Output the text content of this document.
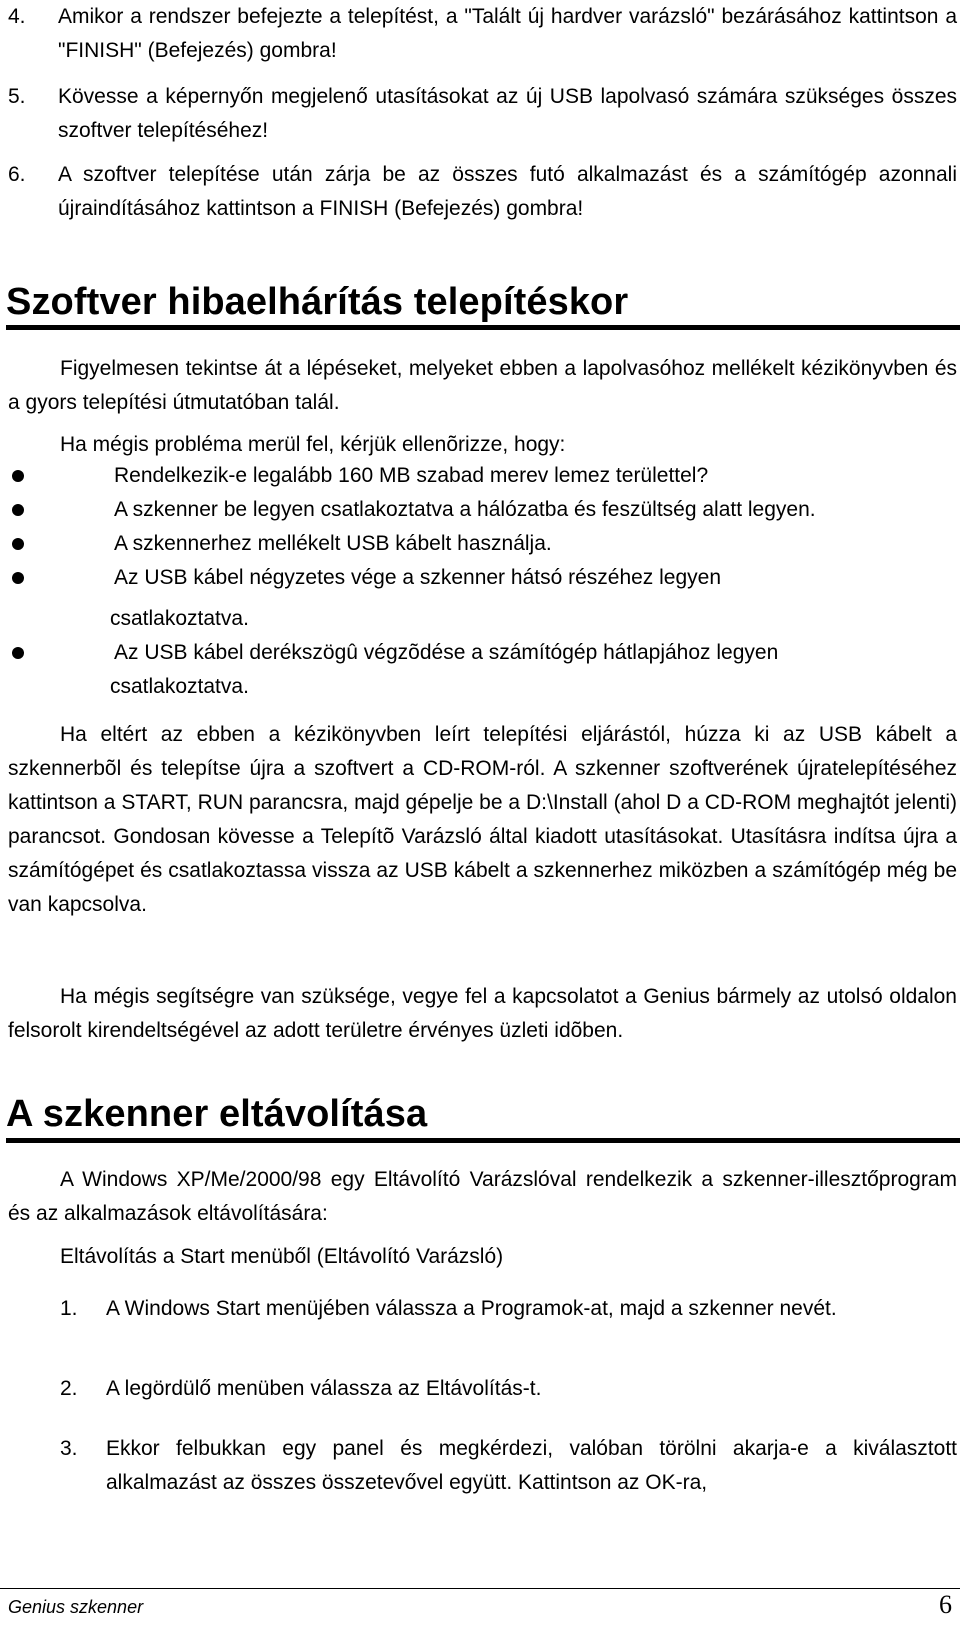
4.	Amikor a rendszer befejezte a telepítést, a "Talált új hardver varázsló" bezárásához kattintson a "FINISH" (Befejezés) gombra!
5.	Kövesse a képernyőn megjelenő utasításokat az új USB lapolvasó számára szükséges összes szoftver telepítéséhez!
6.	A szoftver telepítése után zárja be az összes futó alkalmazást és a számítógép azonnali újraindításához kattintson a FINISH (Befejezés) gombra!
Szoftver hibaelhárítás telepítéskor
Figyelmesen tekintse át a lépéseket, melyeket ebben a lapolvasóhoz mellékelt kézikönyvben és a gyors telepítési útmutatóban talál.
Ha mégis probléma merül fel, kérjük ellenõrizze, hogy:
Rendelkezik-e legalább 160 MB szabad merev lemez területtel?
A szkenner be legyen csatlakoztatva a hálózatba és feszültség alatt legyen.
A szkennerhez mellékelt USB kábelt használja.
Az USB kábel négyzetes vége a szkenner hátsó részéhez legyen
csatlakoztatva.
Az USB kábel derékszögû végzõdése a számítógép hátlapjához legyen
csatlakoztatva.
Ha eltért az ebben a kézikönyvben leírt telepítési eljárástól, húzza ki az USB kábelt a szkennerbõl és telepítse újra a szoftvert a CD-ROM-ról. A szkenner szoftverének újratelepítéséhez kattintson a START, RUN parancsra, majd gépelje be a D:\Install (ahol D a CD-ROM meghajtót jelenti) parancsot. Gondosan kövesse a Telepítõ Varázsló által kiadott utasításokat. Utasításra indítsa újra a számítógépet és csatlakoztassa vissza az USB kábelt a szkennerhez miközben a számítógép még be van kapcsolva.
Ha mégis segítségre van szüksége, vegye fel a kapcsolatot a Genius bármely az utolsó oldalon felsorolt kirendeltségével az adott területre érvényes üzleti idõben.
A szkenner eltávolítása
A Windows XP/Me/2000/98 egy Eltávolító Varázslóval rendelkezik a szkenner-illesztőprogram és az alkalmazások eltávolítására:
Eltávolítás a Start menüből (Eltávolító Varázsló)
1.	A Windows Start menüjében válassza a Programok-at, majd a szkenner nevét.
2.	A legördülő menüben válassza az Eltávolítás-t.
3.	Ekkor felbukkan egy panel és megkérdezi, valóban törölni akarja-e a kiválasztott alkalmazást az összes összetevővel együtt. Kattintson az OK-ra,
Genius szkenner	6
